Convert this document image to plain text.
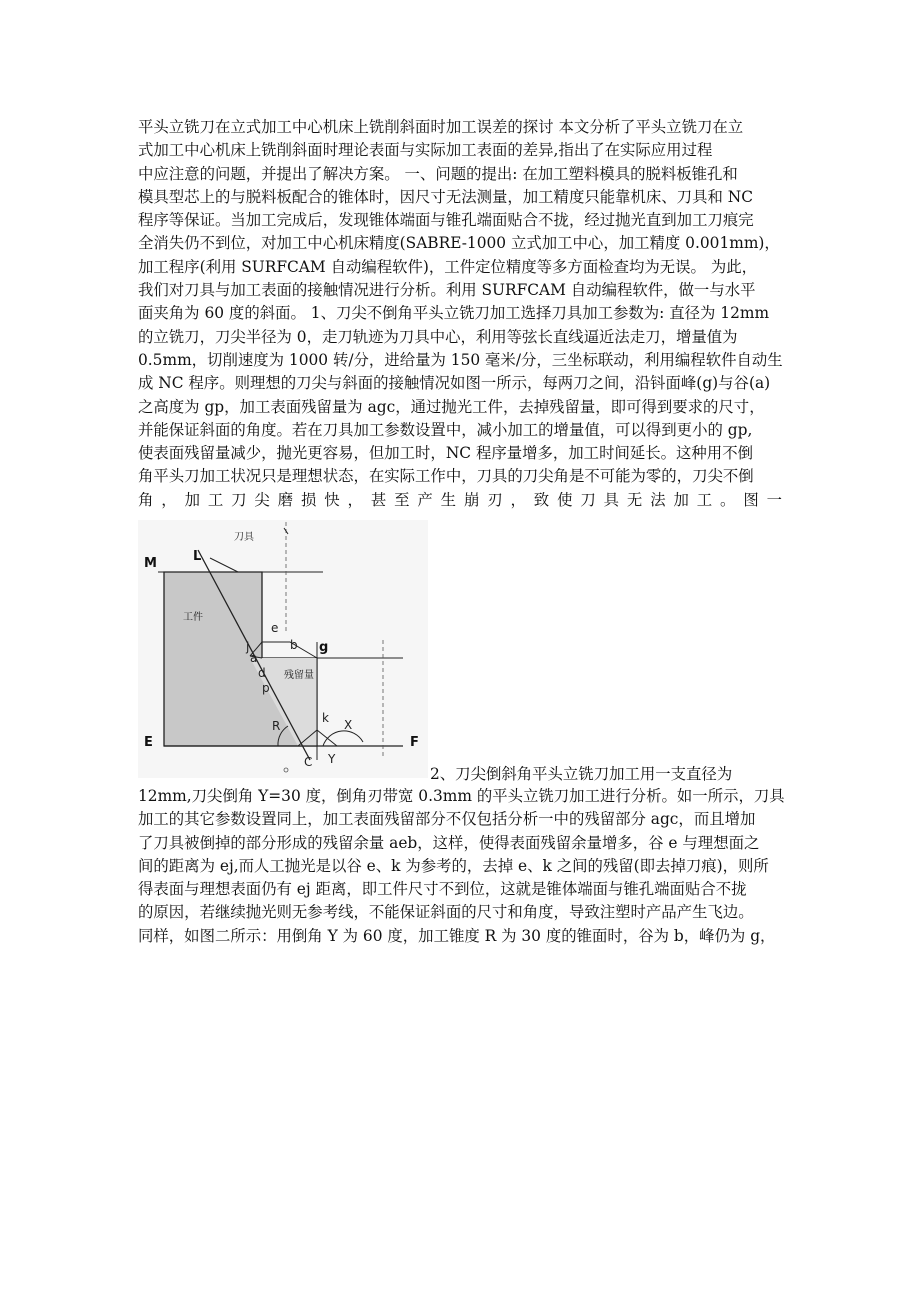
平头立铣刀在立式加工中心机床上铣削斜面时加工误差的探讨 本文分析了平头立铣刀在立
式加工中心机床上铣削斜面时理论表面与实际加工表面的差异,指出了在实际应用过程
中应注意的问题，并提出了解决方案。 一、问题的提出: 在加工塑料模具的脱料板锥孔和
模具型芯上的与脱料板配合的锥体时，因尺寸无法测量，加工精度只能靠机床、刀具和 NC
程序等保证。当加工完成后，发现锥体端面与锥孔端面贴合不拢，经过抛光直到加工刀痕完
全消失仍不到位，对加工中心机床精度(SABRE-1000 立式加工中心，加工精度 0.001mm)，
加工程序(利用 SURFCAM 自动编程软件)，工件定位精度等多方面检查均为无误。 为此，
我们对刀具与加工表面的接触情况进行分析。利用 SURFCAM 自动编程软件，做一与水平
面夹角为 60 度的斜面。 1、刀尖不倒角平头立铣刀加工选择刀具加工参数为: 直径为 12mm
的立铣刀，刀尖半径为 0，走刀轨迹为刀具中心，利用等弦长直线逼近法走刀，增量值为
0.5mm，切削速度为 1000 转/分，进给量为 150 毫米/分，三坐标联动，利用编程软件自动生
成 NC 程序。则理想的刀尖与斜面的接触情况如图一所示，每两刀之间，沿钭面峰(g)与谷(a)
之高度为 gp，加工表面残留量为 agc，通过抛光工件，去掉残留量，即可得到要求的尺寸，
并能保证斜面的角度。若在刀具加工参数设置中，减小加工的增量值，可以得到更小的 gp,
使表面残留量减少，抛光更容易，但加工时，NC 程序量增多，加工时间延长。这种用不倒
角平头刀加工状况只是理想状态，在实际工作中，刀具的刀尖角是不可能为零的，刀尖不倒
角，加工刀尖磨损快，甚至产生崩刃，致使刀具无法加工。图一
M	L
刀具
工件
e
b g
j
a
d
p
残留量
R
k X
E
C Y
F
2、刀尖倒斜角平头立铣刀加工用一支直径为
12mm,刀尖倒角 Y=30 度，倒角刃带宽 0.3mm 的平头立铣刀加工进行分析。如一所示，刀具
加工的其它参数设置同上，加工表面残留部分不仅包括分析一中的残留部分 agc，而且增加
了刀具被倒掉的部分形成的残留余量 aeb，这样，使得表面残留余量增多，谷 e 与理想面之
间的距离为 ej,而人工抛光是以谷 e、k 为参考的，去掉 e、k 之间的残留(即去掉刀痕)，则所
得表面与理想表面仍有 ej 距离，即工件尺寸不到位，这就是锥体端面与锥孔端面贴合不拢
的原因，若继续抛光则无参考线，不能保证斜面的尺寸和角度，导致注塑时产品产生飞边。
同样，如图二所示：用倒角 Y 为 60 度，加工锥度 R 为 30 度的锥面时，谷为 b，峰仍为 g，
